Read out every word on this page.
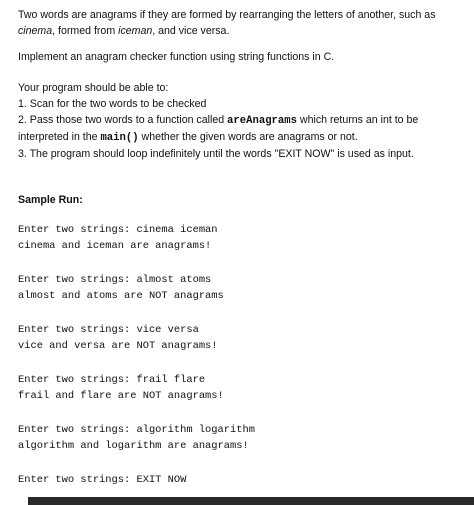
Two words are anagrams if they are formed by rearranging the letters of another, such as
cinema, formed from iceman, and vice versa.

Implement an anagram checker function using string functions in C.

Your program should be able to:

1. Scan for the two words to be checked

2. Pass those two words to a function called areAnagrams which returns an int to be
interpreted in the main() whether the given words are anagrams or not.

3. The program should loop indefinitely until the words "EXIT NOW" is used as input.

Sample Run:

Enter two strings: cinema iceman

cinema and iceman are anagrams!

Enter two strings: almost atoms

almost and atoms are NOT anagrams

Enter two strings: vice versa

vice and versa are NOT anagrams!

Enter two strings: frail flare

frail and flare are NOT anagrams!

Enter two strings: algorithm logarithm

algorithm and logarithm are anagrams!

Enter two strings: EXIT NOW
